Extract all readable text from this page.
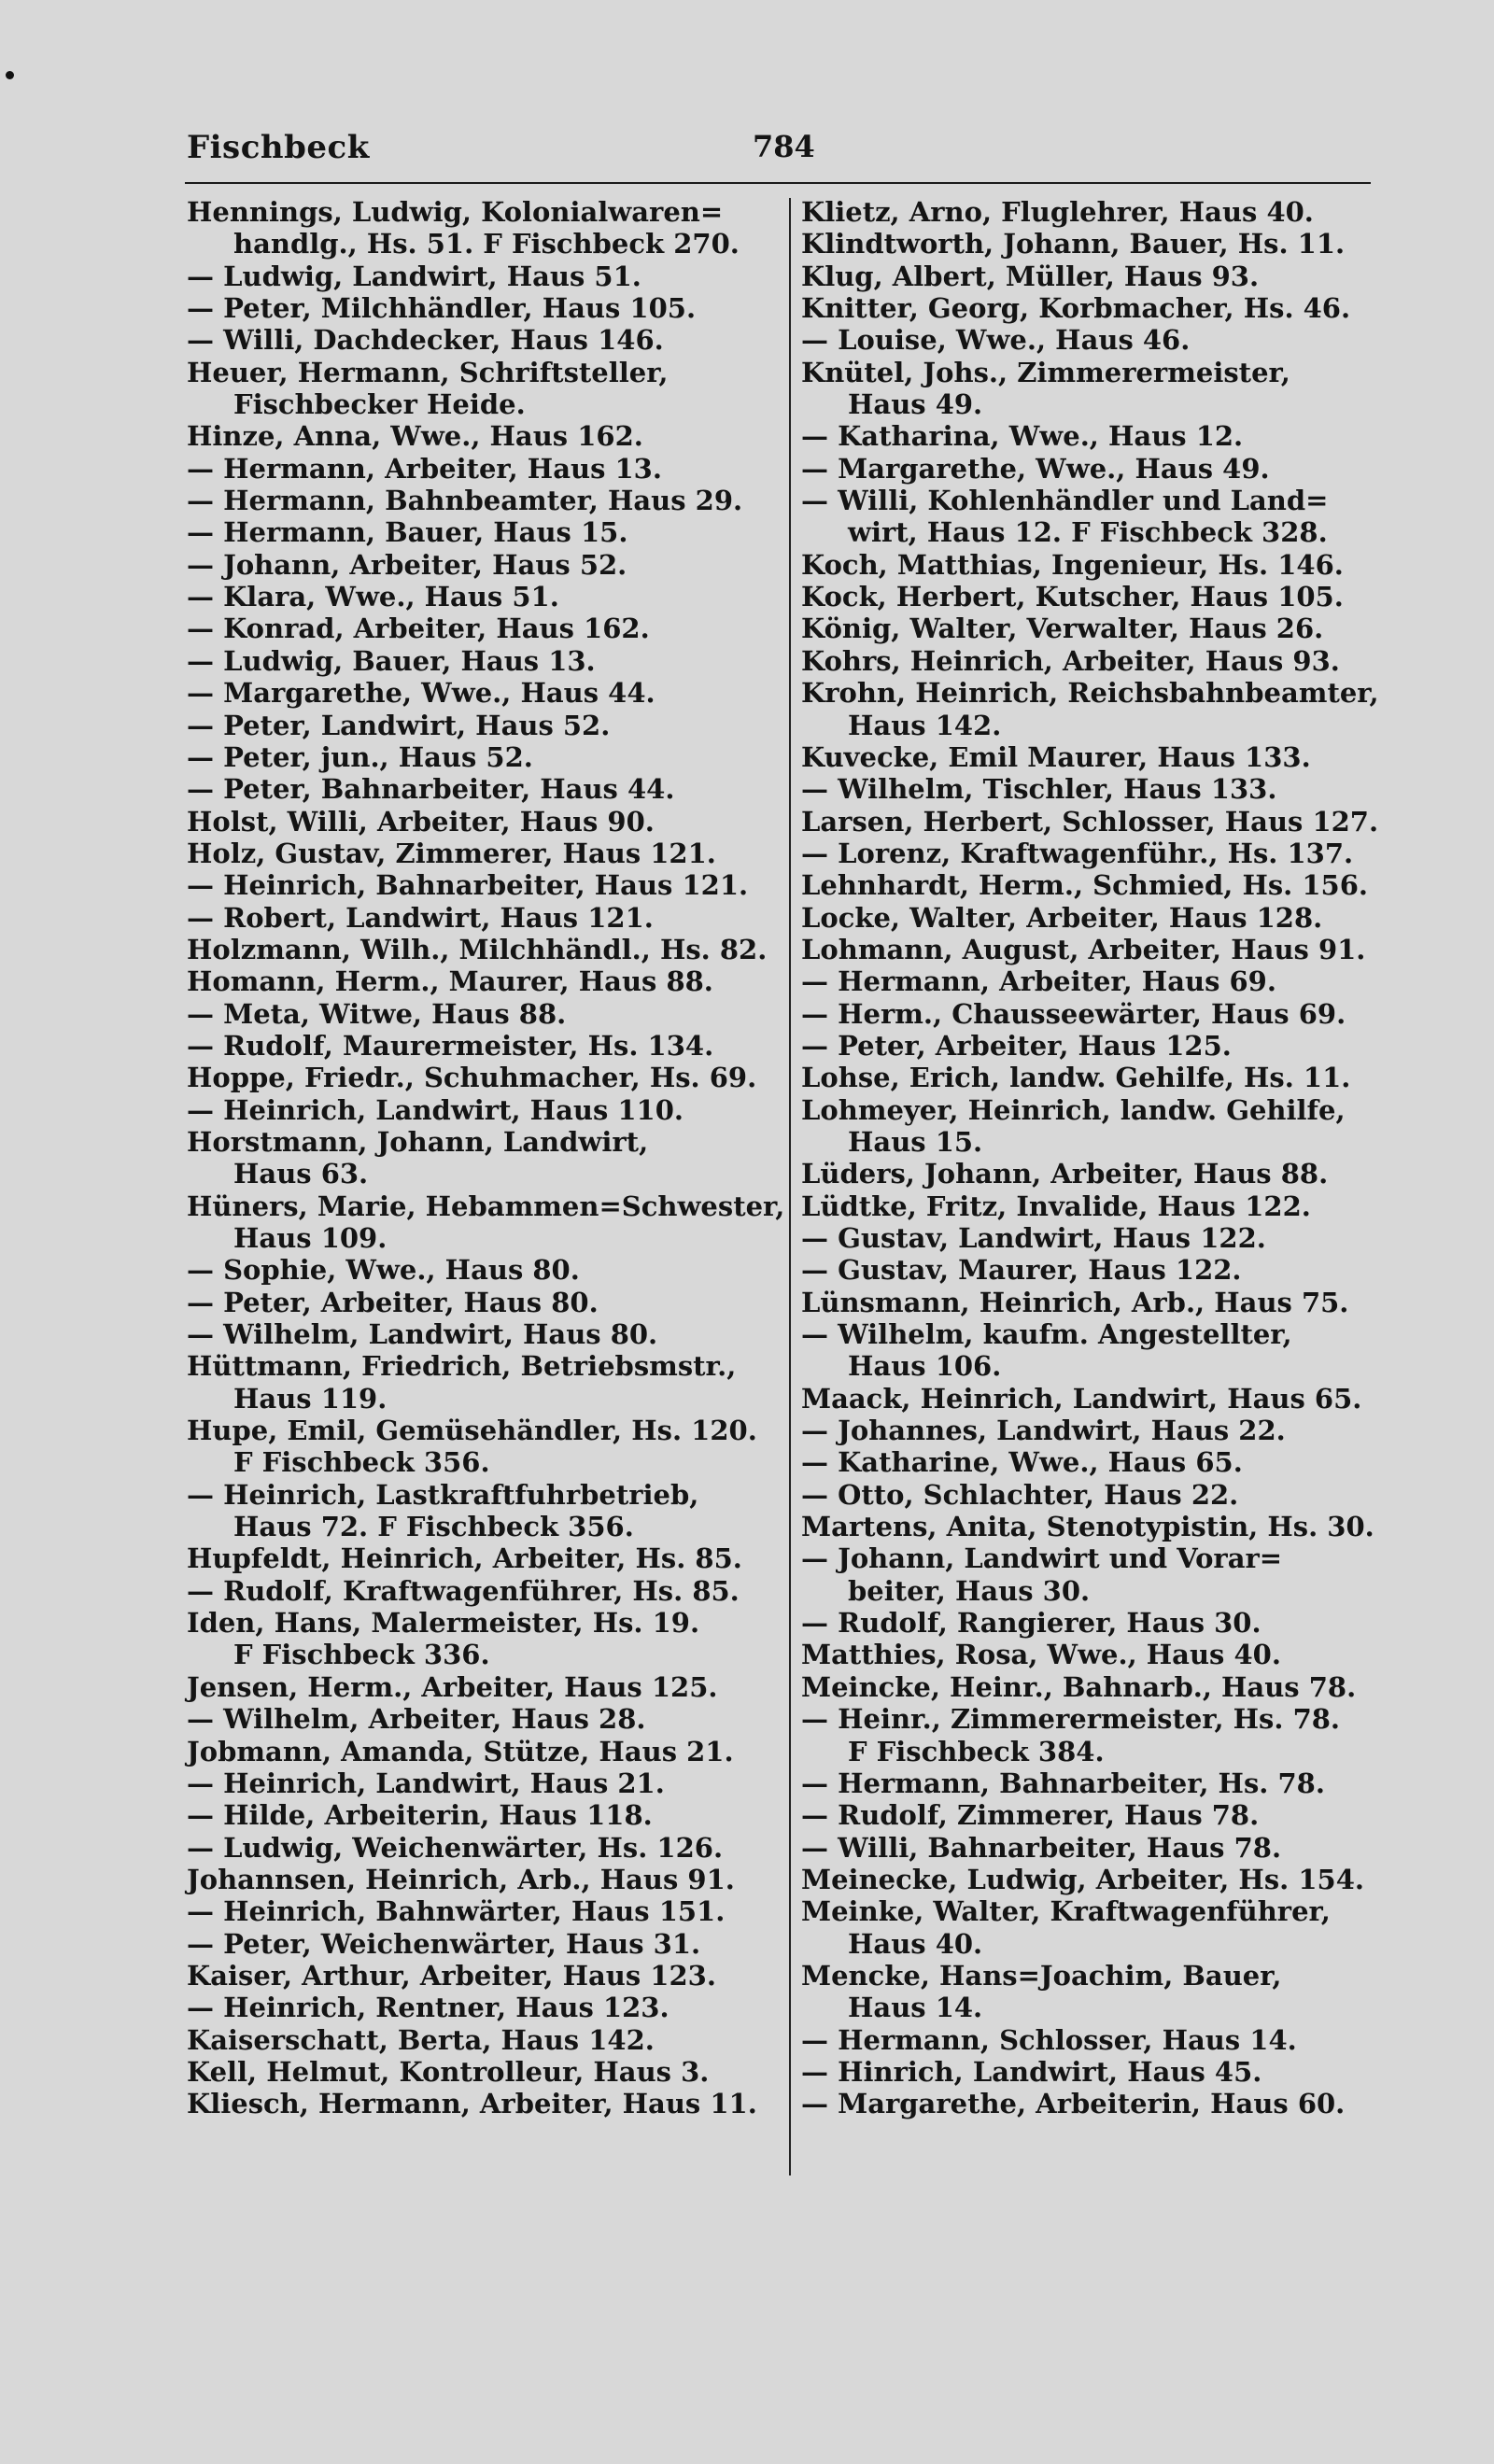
Fischbeck	784
Hennings, Ludwig, Kolonialwaren=
handlg., Hs. 51. F Fischbeck 270.
— Ludwig, Landwirt, Haus 51.
— Peter, Milchhändler, Haus 105.
— Willi, Dachdecker, Haus 146.
Heuer, Hermann, Schriftsteller,
Fischbecker Heide.
Hinze, Anna, Wwe., Haus 162.
— Hermann, Arbeiter, Haus 13.
— Hermann, Bahnbeamter, Haus 29.
— Hermann, Bauer, Haus 15.
— Johann, Arbeiter, Haus 52.
— Klara, Wwe., Haus 51.
— Konrad, Arbeiter, Haus 162.
— Ludwig, Bauer, Haus 13.
— Margarethe, Wwe., Haus 44.
— Peter, Landwirt, Haus 52.
— Peter, jun., Haus 52.
— Peter, Bahnarbeiter, Haus 44.
Holst, Willi, Arbeiter, Haus 90.
Holz, Gustav, Zimmerer, Haus 121.
— Heinrich, Bahnarbeiter, Haus 121.
— Robert, Landwirt, Haus 121.
Holzmann, Wilh., Milchhändl., Hs. 82.
Homann, Herm., Maurer, Haus 88.
— Meta, Witwe, Haus 88.
— Rudolf, Maurermeister, Hs. 134.
Hoppe, Friedr., Schuhmacher, Hs. 69.
— Heinrich, Landwirt, Haus 110.
Horstmann, Johann, Landwirt,
Haus 63.
Hüners, Marie, Hebammen=Schwester,
Haus 109.
— Sophie, Wwe., Haus 80.
— Peter, Arbeiter, Haus 80.
— Wilhelm, Landwirt, Haus 80.
Hüttmann, Friedrich, Betriebsmstr.,
Haus 119.
Hupe, Emil, Gemüsehändler, Hs. 120.
F Fischbeck 356.
— Heinrich, Lastkraftfuhrbetrieb,
Haus 72. F Fischbeck 356.
Hupfeldt, Heinrich, Arbeiter, Hs. 85.
— Rudolf, Kraftwagenführer, Hs. 85.
Iden, Hans, Malermeister, Hs. 19.
F Fischbeck 336.
Jensen, Herm., Arbeiter, Haus 125.
— Wilhelm, Arbeiter, Haus 28.
Jobmann, Amanda, Stütze, Haus 21.
— Heinrich, Landwirt, Haus 21.
— Hilde, Arbeiterin, Haus 118.
— Ludwig, Weichenwärter, Hs. 126.
Johannsen, Heinrich, Arb., Haus 91.
— Heinrich, Bahnwärter, Haus 151.
— Peter, Weichenwärter, Haus 31.
Kaiser, Arthur, Arbeiter, Haus 123.
— Heinrich, Rentner, Haus 123.
Kaiserschatt, Berta, Haus 142.
Kell, Helmut, Kontrolleur, Haus 3.
Kliesch, Hermann, Arbeiter, Haus 11.
Klietz, Arno, Fluglehrer, Haus 40.
Klindtworth, Johann, Bauer, Hs. 11.
Klug, Albert, Müller, Haus 93.
Knitter, Georg, Korbmacher, Hs. 46.
— Louise, Wwe., Haus 46.
Knütel, Johs., Zimmerermeister,
Haus 49.
— Katharina, Wwe., Haus 12.
— Margarethe, Wwe., Haus 49.
— Willi, Kohlenhändler und Land=
wirt, Haus 12. F Fischbeck 328.
Koch, Matthias, Ingenieur, Hs. 146.
Kock, Herbert, Kutscher, Haus 105.
König, Walter, Verwalter, Haus 26.
Kohrs, Heinrich, Arbeiter, Haus 93.
Krohn, Heinrich, Reichsbahnbeamter,
Haus 142.
Kuvecke, Emil Maurer, Haus 133.
— Wilhelm, Tischler, Haus 133.
Larsen, Herbert, Schlosser, Haus 127.
— Lorenz, Kraftwagenführ., Hs. 137.
Lehnhardt, Herm., Schmied, Hs. 156.
Locke, Walter, Arbeiter, Haus 128.
Lohmann, August, Arbeiter, Haus 91.
— Hermann, Arbeiter, Haus 69.
— Herm., Chausseewärter, Haus 69.
— Peter, Arbeiter, Haus 125.
Lohse, Erich, landw. Gehilfe, Hs. 11.
Lohmeyer, Heinrich, landw. Gehilfe,
Haus 15.
Lüders, Johann, Arbeiter, Haus 88.
Lüdtke, Fritz, Invalide, Haus 122.
— Gustav, Landwirt, Haus 122.
— Gustav, Maurer, Haus 122.
Lünsmann, Heinrich, Arb., Haus 75.
— Wilhelm, kaufm. Angestellter,
Haus 106.
Maack, Heinrich, Landwirt, Haus 65.
— Johannes, Landwirt, Haus 22.
— Katharine, Wwe., Haus 65.
— Otto, Schlachter, Haus 22.
Martens, Anita, Stenotypistin, Hs. 30.
— Johann, Landwirt und Vorar=
beiter, Haus 30.
— Rudolf, Rangierer, Haus 30.
Matthies, Rosa, Wwe., Haus 40.
Meincke, Heinr., Bahnarb., Haus 78.
— Heinr., Zimmerermeister, Hs. 78.
F Fischbeck 384.
— Hermann, Bahnarbeiter, Hs. 78.
— Rudolf, Zimmerer, Haus 78.
— Willi, Bahnarbeiter, Haus 78.
Meinecke, Ludwig, Arbeiter, Hs. 154.
Meinke, Walter, Kraftwagenführer,
Haus 40.
Mencke, Hans=Joachim, Bauer,
Haus 14.
— Hermann, Schlosser, Haus 14.
— Hinrich, Landwirt, Haus 45.
— Margarethe, Arbeiterin, Haus 60.
